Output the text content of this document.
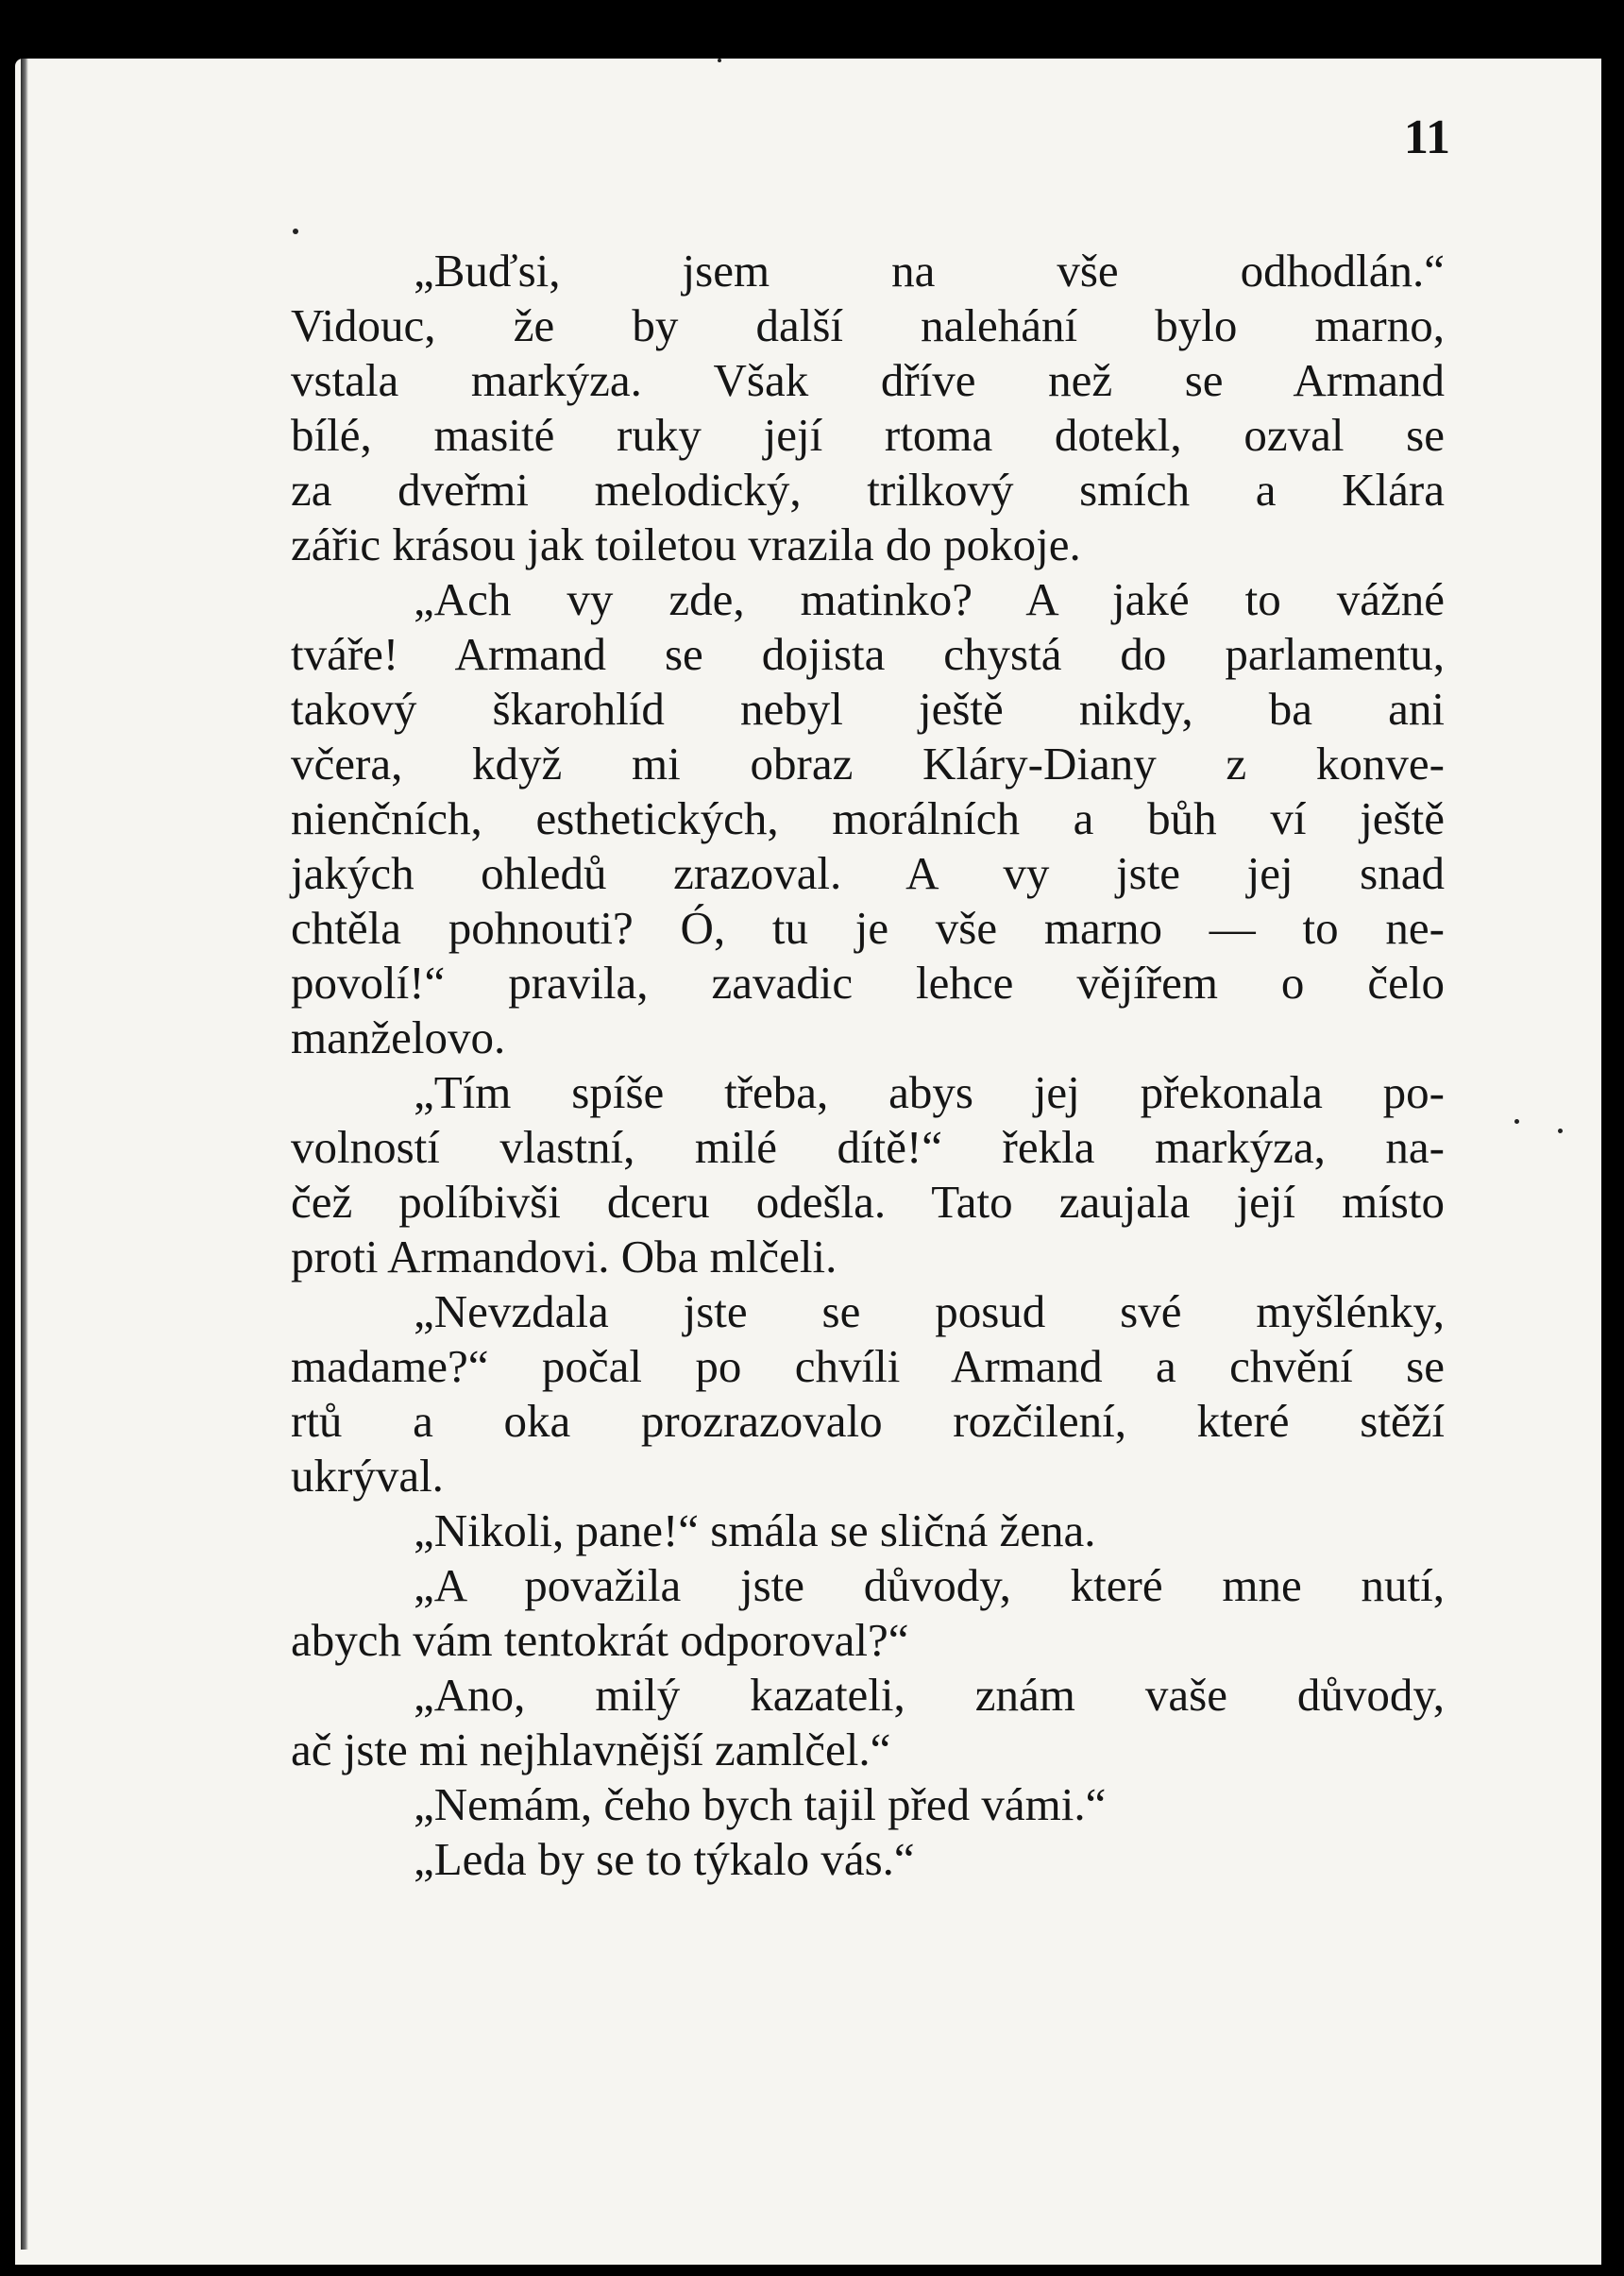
11
„Buďsi, jsem na vše odhodlán.“
Vidouc, že by další nalehání bylo marno,
vstala markýza. Však dříve než se Armand
bílé, masité ruky její rtoma dotekl, ozval se
za dveřmi melodický, trilkový smích a Klára
zářic krásou jak toiletou vrazila do pokoje.
„Ach vy zde, matinko? A jaké to vážné
tváře! Armand se dojista chystá do parlamentu,
takový škarohlíd nebyl ještě nikdy, ba ani
včera, když mi obraz Kláry-Diany z konve-
nienčních, esthetických, morálních a bůh ví ještě
jakých ohledů zrazoval. A vy jste jej snad
chtěla pohnouti? Ó, tu je vše marno — to ne-
povolí!“ pravila, zavadic lehce vějířem o čelo
manželovo.
„Tím spíše třeba, abys jej překonala po-
volností vlastní, milé dítě!“ řekla markýza, na-
čež políbivši dceru odešla. Tato zaujala její místo
proti Armandovi. Oba mlčeli.
„Nevzdala jste se posud své myšlénky,
madame?“ počal po chvíli Armand a chvění se
rtů a oka prozrazovalo rozčilení, které stěží
ukrýval.
„Nikoli, pane!“ smála se sličná žena.
„A považila jste důvody, které mne nutí,
abych vám tentokrát odporoval?“
„Ano, milý kazateli, znám vaše důvody,
ač jste mi nejhlavnější zamlčel.“
„Nemám, čeho bych tajil před vámi.“
„Leda by se to týkalo vás.“
